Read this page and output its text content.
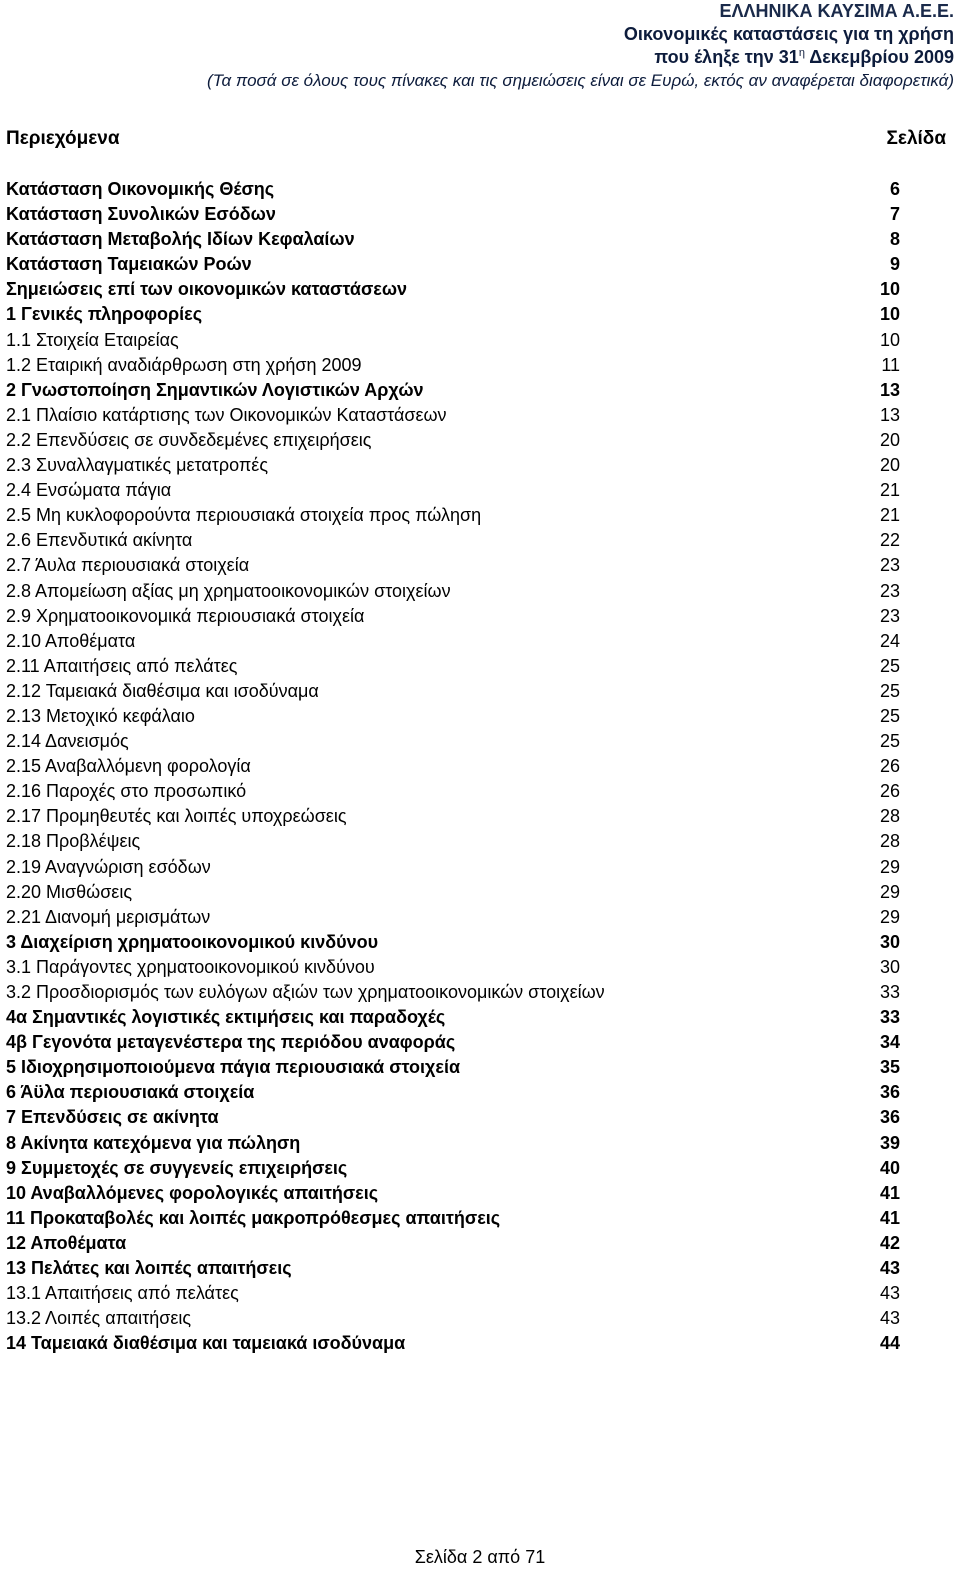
ΕΛΛΗΝΙΚΑ ΚΑΥΣΙΜΑ Α.Ε.Ε.
Οικονομικές καταστάσεις για τη χρήση
που έληξε την $31^\eta$ Δεκεμβρίου 2009
(Τα ποσά σε όλους τους πίνακες και τις σημειώσεις είναι σε Ευρώ, εκτός αν αναφέρεται διαφορετικά)
Περιεχόμενα	Σελίδα
Κατάσταση Οικονομικής Θέσης	6
Κατάσταση Συνολικών Εσόδων	7
Κατάσταση Μεταβολής Ιδίων Κεφαλαίων	8
Κατάσταση Ταμειακών Ροών	9
Σημειώσεις επί των οικονομικών καταστάσεων	10
1 Γενικές πληροφορίες	10
1.1 Στοιχεία Εταιρείας	10
1.2 Εταιρική αναδιάρθρωση στη χρήση 2009	11
2 Γνωστοποίηση Σημαντικών Λογιστικών Αρχών	13
2.1 Πλαίσιο κατάρτισης των Οικονομικών Καταστάσεων	13
2.2 Επενδύσεις σε συνδεδεμένες επιχειρήσεις	20
2.3 Συναλλαγματικές μετατροπές	20
2.4 Ενσώματα πάγια	21
2.5 Μη κυκλοφορούντα περιουσιακά στοιχεία προς πώληση	21
2.6 Επενδυτικά ακίνητα	22
2.7 Άυλα περιουσιακά στοιχεία	23
2.8 Απομείωση αξίας μη χρηματοοικονομικών στοιχείων	23
2.9 Χρηματοοικονομικά περιουσιακά στοιχεία	23
2.10 Αποθέματα	24
2.11 Απαιτήσεις από πελάτες	25
2.12 Ταμειακά διαθέσιμα και ισοδύναμα	25
2.13 Μετοχικό κεφάλαιο	25
2.14 Δανεισμός	25
2.15 Αναβαλλόμενη φορολογία	26
2.16 Παροχές στο προσωπικό	26
2.17 Προμηθευτές και λοιπές υποχρεώσεις	28
2.18 Προβλέψεις	28
2.19 Αναγνώριση εσόδων	29
2.20 Μισθώσεις	29
2.21 Διανομή μερισμάτων	29
3 Διαχείριση χρηματοοικονομικού κινδύνου	30
3.1 Παράγοντες χρηματοοικονομικού κινδύνου	30
3.2 Προσδιορισμός των ευλόγων αξιών των χρηματοοικονομικών στοιχείων	33
4α Σημαντικές λογιστικές εκτιμήσεις και παραδοχές	33
4β Γεγονότα μεταγενέστερα της περιόδου αναφοράς	34
5 Ιδιοχρησιμοποιούμενα πάγια περιουσιακά στοιχεία	35
6 Άϋλα περιουσιακά στοιχεία	36
7 Επενδύσεις σε ακίνητα	36
8 Ακίνητα κατεχόμενα για πώληση	39
9 Συμμετοχές σε συγγενείς επιχειρήσεις	40
10 Αναβαλλόμενες φορολογικές απαιτήσεις	41
11 Προκαταβολές και λοιπές μακροπρόθεσμες απαιτήσεις	41
12 Αποθέματα	42
13 Πελάτες και λοιπές απαιτήσεις	43
13.1 Απαιτήσεις από πελάτες	43
13.2 Λοιπές απαιτήσεις	43
14 Ταμειακά διαθέσιμα και ταμειακά ισοδύναμα	44
Σελίδα 2 από 71
